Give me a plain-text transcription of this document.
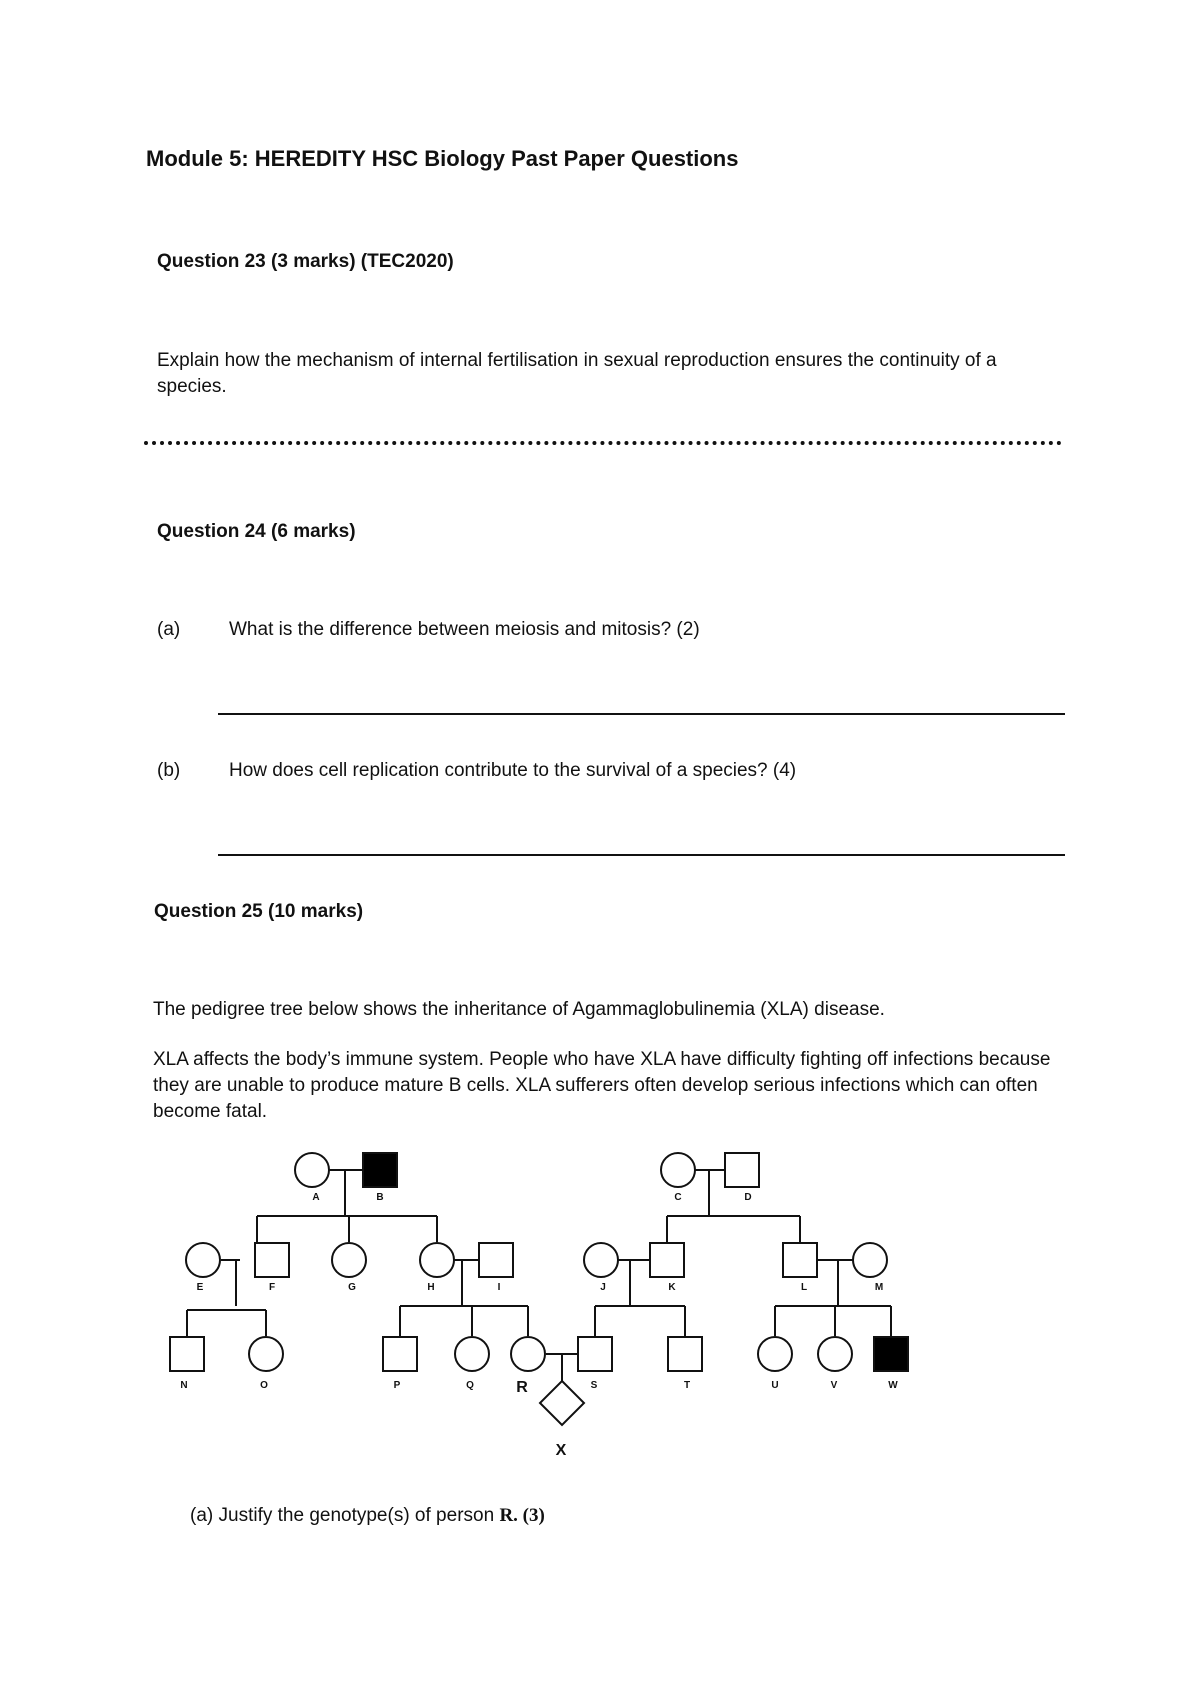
Module 5: HEREDITY HSC Biology Past Paper Questions
Question 23 (3 marks) (TEC2020)
Explain how the mechanism of internal fertilisation in sexual reproduction ensures the continuity of a species.
Question 24 (6 marks)
(a)	What is the difference between meiosis and mitosis? (2)
(b)	How does cell replication contribute to the survival of a species? (4)
Question 25 (10 marks)
The pedigree tree below shows the inheritance of Agammaglobulinemia (XLA) disease.
XLA affects the body’s immune system. People who have XLA have difficulty fighting off infections because they are unable to produce mature B cells. XLA sufferers often develop serious infections which can often become fatal.
A	B	C	D
E	F	G	H	I	J	K	L	M
N	O	P	Q	R	S	T	U	V	W
X
(a) Justify the genotype(s) of person R. (3)
